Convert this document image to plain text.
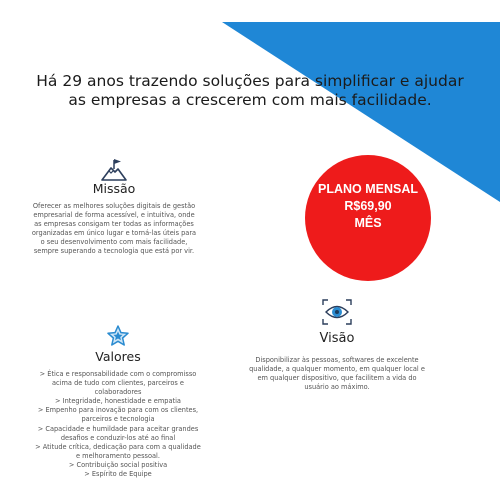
Há 29 anos trazendo soluções para simplificar e ajudar as empresas a crescerem com mais facilidade.
PLANO MENSAL
R$69,90
MÊS
Missão

Oferecer as melhores soluções digitais de gestão empresarial de forma acessível, e intuitiva, onde as empresas consigam ter todas as informações organizadas em único lugar e torná-las úteis para o seu desenvolvimento com mais facilidade, sempre superando a tecnologia que está por vir.

Valores

> Ética e responsabilidade com o compromisso acima de tudo com clientes, parceiros e colaboradores
> Integridade, honestidade e empatia
> Empenho para inovação para com os clientes, parceiros e tecnologia
> Capacidade e humildade para aceitar grandes desafios e conduzir-los até ao final
> Atitude crítica, dedicação para com a qualidade e melhoramento pessoal.
> Contribuição social positiva
> Espírito de Equipe

Visão

Disponibilizar às pessoas, softwares de excelente qualidade, a qualquer momento, em qualquer local e em qualquer dispositivo, que facilitem a vida do usuário ao máximo.
